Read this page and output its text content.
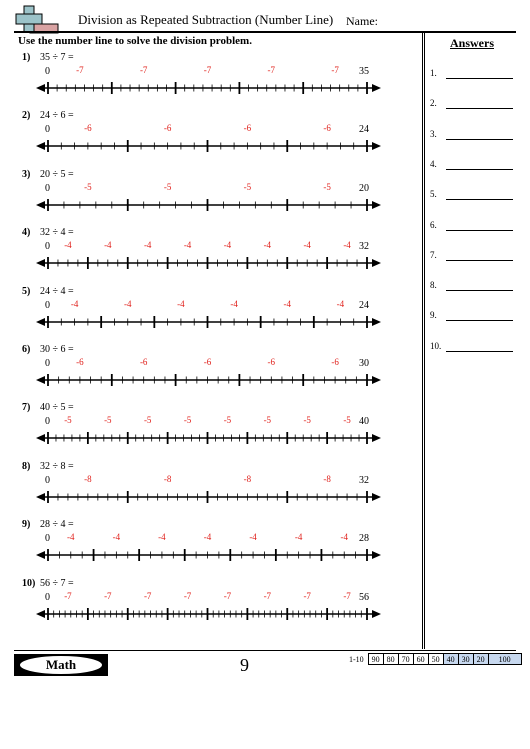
Division as Repeated Subtraction (Number Line) Name:
Use the number line to solve the division problem.	Answers
1.
2.
3.
4.
5.
6.
7.
8.
9.
10.
1) 35 ÷ 7 =
0	35
-7	-7	-7	-7	-7
2) 24 ÷ 6 =
0	24
-6	-6	-6	-6
3) 20 ÷ 5 =
0	20
-5	-5	-5	-5
4) 32 ÷ 4 =
0	32
-4	-4	-4	-4	-4	-4	-4	-4
5) 24 ÷ 4 =
0	24
-4	-4	-4	-4	-4	-4
6) 30 ÷ 6 =
0	30
-6	-6	-6	-6	-6
7) 40 ÷ 5 =
0	40
-5	-5	-5	-5	-5	-5	-5	-5
8) 32 ÷ 8 =
0	32
-8	-8	-8	-8
9) 28 ÷ 4 =
0	28
-4	-4	-4	-4	-4	-4	-4
10) 56 ÷ 7 =
0	56
-7	-7	-7	-7	-7	-7	-7	-7
Math	9	1-10	90	80	70	60	50	40	30	20	100
